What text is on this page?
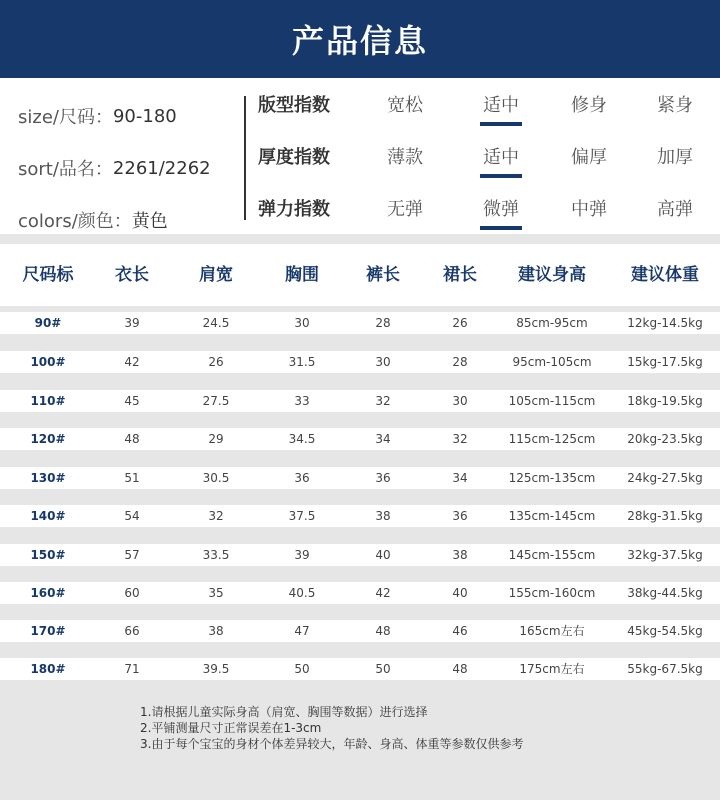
产品信息
size/尺码： 90-180
sort/品名： 2261/2262
colors/颜色： 黄色
版型指数	宽松	适中	修身	紧身
厚度指数	薄款	适中	偏厚	加厚
弹力指数	无弹	微弹	中弹	高弹
尺码标	衣长	肩宽	胸围	裤长	裙长	建议身高	建议体重
90#	39	24.5	30	28	26	85cm-95cm	12kg-14.5kg
100#	42	26	31.5	30	28	95cm-105cm	15kg-17.5kg
110#	45	27.5	33	32	30	105cm-115cm	18kg-19.5kg
120#	48	29	34.5	34	32	115cm-125cm	20kg-23.5kg
130#	51	30.5	36	36	34	125cm-135cm	24kg-27.5kg
140#	54	32	37.5	38	36	135cm-145cm	28kg-31.5kg
150#	57	33.5	39	40	38	145cm-155cm	32kg-37.5kg
160#	60	35	40.5	42	40	155cm-160cm	38kg-44.5kg
170#	66	38	47	48	46	165cm左右	45kg-54.5kg
180#	71	39.5	50	50	48	175cm左右	55kg-67.5kg
1.请根据儿童实际身高（肩宽、胸围等数据）进行选择
2.平铺测量尺寸正常误差在1-3cm
3.由于每个宝宝的身材个体差异较大，年龄、身高、体重等参数仅供参考
